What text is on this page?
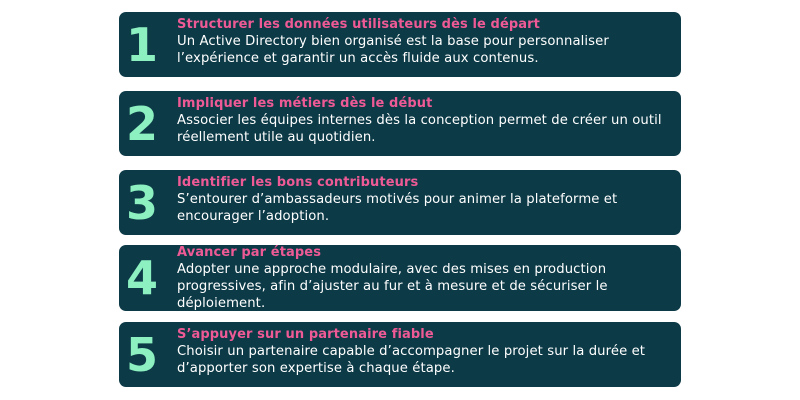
1	Structurer les données utilisateurs dès le départ
Un Active Directory bien organisé est la base pour personnaliser l’expérience et garantir un accès fluide aux contenus.
2	Impliquer les métiers dès le début
Associer les équipes internes dès la conception permet de créer un outil réellement utile au quotidien.
3	Identifier les bons contributeurs
S’entourer d’ambassadeurs motivés pour animer la plateforme et encourager l’adoption.
4	Avancer par étapes
Adopter une approche modulaire, avec des mises en production progressives, afin d’ajuster au fur et à mesure et de sécuriser le déploiement.
5	S’appuyer sur un partenaire fiable
Choisir un partenaire capable d’accompagner le projet sur la durée et d’apporter son expertise à chaque étape.
